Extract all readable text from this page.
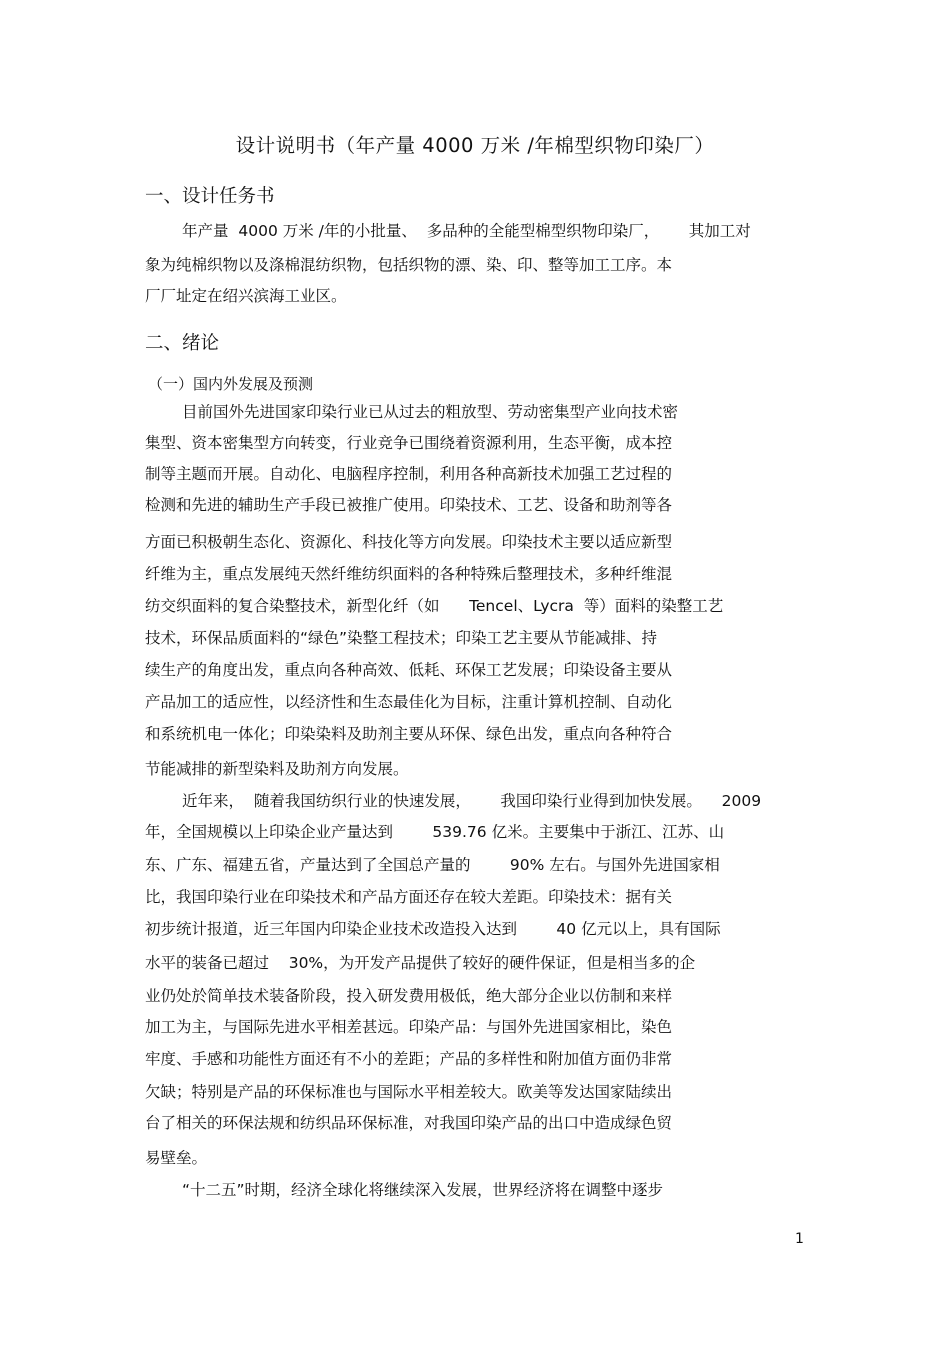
设计说明书（年产量 4000 万米 /年棉型织物印染厂）
一、设计任务书
年产量  4000 万米 /年的小批量、  多品种的全能型棉型织物印染厂，      其加工对
象为纯棉织物以及涤棉混纺织物，包括织物的漂、染、印、整等加工工序。本
厂厂址定在绍兴滨海工业区。
二、绪论
（一）国内外发展及预测
目前国外先进国家印染行业已从过去的粗放型、劳动密集型产业向技术密
集型、资本密集型方向转变，行业竞争已围绕着资源利用，生态平衡，成本控
制等主题而开展。自动化、电脑程序控制，利用各种高新技术加强工艺过程的
检测和先进的辅助生产手段已被推广使用。印染技术、工艺、设备和助剂等各
方面已积极朝生态化、资源化、科技化等方向发展。印染技术主要以适应新型
纤维为主，重点发展纯天然纤维纺织面料的各种特殊后整理技术，多种纤维混
纺交织面料的复合染整技术，新型化纤（如      Tencel、Lycra  等）面料的染整工艺
技术，环保品质面料的“绿色”染整工程技术；印染工艺主要从节能减排、持
续生产的角度出发，重点向各种高效、低耗、环保工艺发展；印染设备主要从
产品加工的适应性，以经济性和生态最佳化为目标，注重计算机控制、自动化
和系统机电一体化；印染染料及助剂主要从环保、绿色出发，重点向各种符合
节能减排的新型染料及助剂方向发展。
近年来，  随着我国纺织行业的快速发展，      我国印染行业得到加快发展。    2009
年，全国规模以上印染企业产量达到        539.76 亿米。主要集中于浙江、江苏、山
东、广东、福建五省，产量达到了全国总产量的        90% 左右。与国外先进国家相
比，我国印染行业在印染技术和产品方面还存在较大差距。印染技术：据有关
初步统计报道，近三年国内印染企业技术改造投入达到        40 亿元以上，具有国际
水平的装备已超过    30%，为开发产品提供了较好的硬件保证，但是相当多的企
业仍处於简单技术装备阶段，投入研发费用极低，绝大部分企业以仿制和来样
加工为主，与国际先进水平相差甚远。印染产品：与国外先进国家相比，染色
牢度、手感和功能性方面还有不小的差距；产品的多样性和附加值方面仍非常
欠缺；特别是产品的环保标准也与国际水平相差较大。欧美等发达国家陆续出
台了相关的环保法规和纺织品环保标准，对我国印染产品的出口中造成绿色贸
易壁垒。
“十二五”时期，经济全球化将继续深入发展，世界经济将在调整中逐步
1
